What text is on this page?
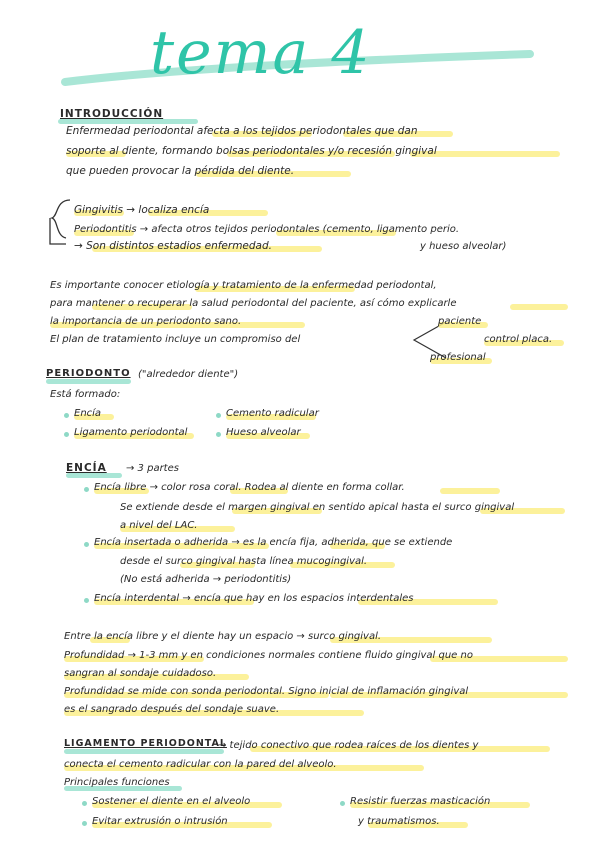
tema 4
INTRODUCCIÓN
Enfermedad periodontal afecta a los tejidos periodontales que dan
soporte al diente, formando bolsas periodontales y/o recesión gingival
que pueden provocar la pérdida del diente.
Gingivitis → localiza encía
Periodontitis → afecta otros tejidos periodontales (cemento, ligamento perio.
y hueso alveolar)
→ Son distintos estadios enfermedad.
Es importante conocer etiología y tratamiento de la enfermedad periodontal,
para mantener o recuperar la salud periodontal del paciente, así cómo explicarle
la importancia de un periodonto sano.
El plan de tratamiento incluye un compromiso del
paciente
control placa.
profesional
PERIODONTO ("alrededor diente")
Está formado:
Encía
Ligamento periodontal
Cemento radicular
Hueso alveolar
ENCÍA → 3 partes
Encía libre → color rosa coral. Rodea al diente en forma collar.
Se extiende desde el margen gingival en sentido apical hasta el surco gingival
a nivel del LAC.
Encía insertada o adherida → es la encía fija, adherida, que se extiende
desde el surco gingival hasta línea mucogingival.
(No está adherida → periodontitis)
Encía interdental → encía que hay en los espacios interdentales
Entre la encía libre y el diente hay un espacio → surco gingival.
Profundidad → 1-3 mm y en condiciones normales contiene fluido gingival que no
sangran al sondaje cuidadoso.
Profundidad se mide con sonda periodontal. Signo inicial de inflamación gingival
es el sangrado después del sondaje suave.
LIGAMENTO PERIODONTAL
→ tejido conectivo que rodea raíces de los dientes y
conecta el cemento radicular con la pared del alveolo.
Principales funciones
Sostener el diente en el alveolo
Evitar extrusión o intrusión
Resistir fuerzas masticación
y traumatismos.
